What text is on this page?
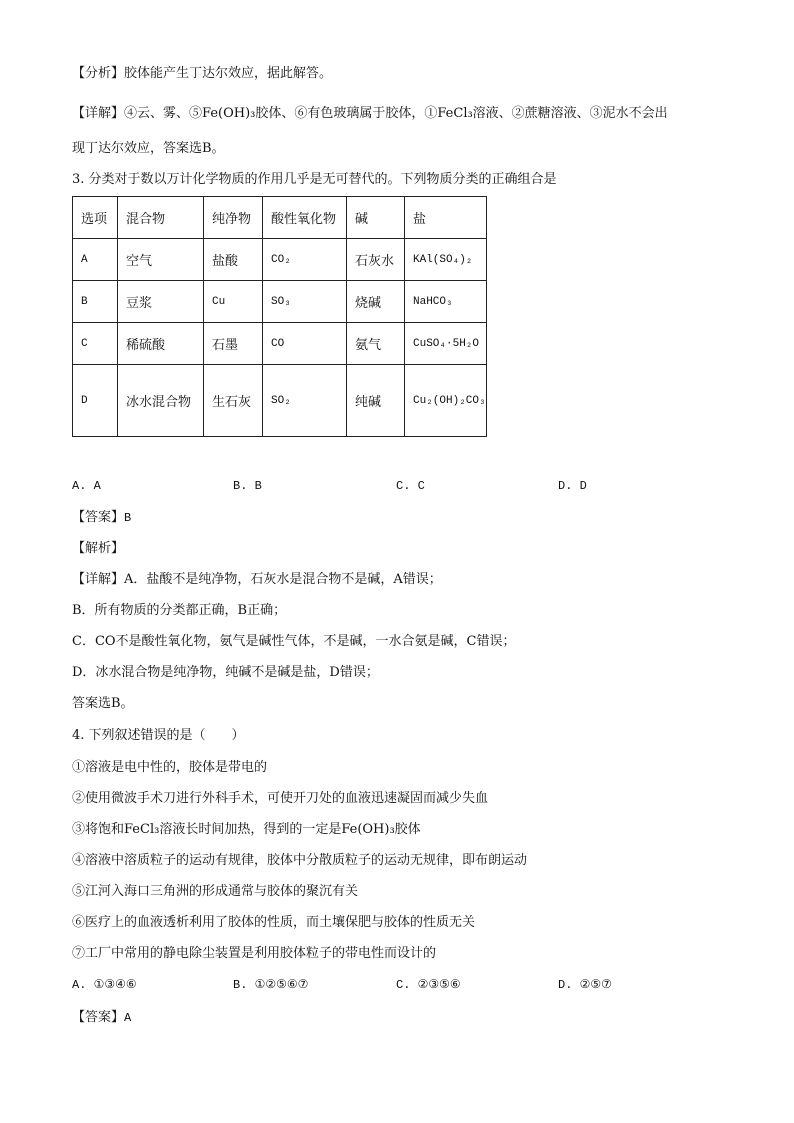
【分析】胶体能产生丁达尔效应，据此解答。
【详解】④云、雾、⑤Fe(OH)₃胶体、⑥有色玻璃属于胶体，①FeCl₃溶液、②蔗糖溶液、③泥水不会出
现丁达尔效应，答案选B。
3. 分类对于数以万计化学物质的作用几乎是无可替代的。下列物质分类的正确组合是
选项	混合物	纯净物	酸性氧化物	碱	盐
A	空气	盐酸	CO₂	石灰水	KAl(SO₄)₂
B	豆浆	Cu	SO₃	烧碱	NaHCO₃
C	稀硫酸	石墨	CO	氨气	CuSO₄·5H₂O
D	冰水混合物	生石灰	SO₂	纯碱	Cu₂(OH)₂CO₃
A. A	B. B	C. C	D. D
【答案】B
【解析】
【详解】A．盐酸不是纯净物，石灰水是混合物不是碱，A错误；
B．所有物质的分类都正确，B正确；
C．CO不是酸性氧化物，氨气是碱性气体，不是碱，一水合氨是碱，C错误；
D．冰水混合物是纯净物，纯碱不是碱是盐，D错误；
答案选B。
4. 下列叙述错误的是（　　）
①溶液是电中性的，胶体是带电的
②使用微波手术刀进行外科手术，可使开刀处的血液迅速凝固而减少失血
③将饱和FeCl₃溶液长时间加热，得到的一定是Fe(OH)₃胶体
④溶液中溶质粒子的运动有规律，胶体中分散质粒子的运动无规律，即布朗运动
⑤江河入海口三角洲的形成通常与胶体的聚沉有关
⑥医疗上的血液透析利用了胶体的性质，而土壤保肥与胶体的性质无关
⑦工厂中常用的静电除尘装置是利用胶体粒子的带电性而设计的
A. ①③④⑥	B. ①②⑤⑥⑦	C. ②③⑤⑥	D. ②⑤⑦
【答案】A
